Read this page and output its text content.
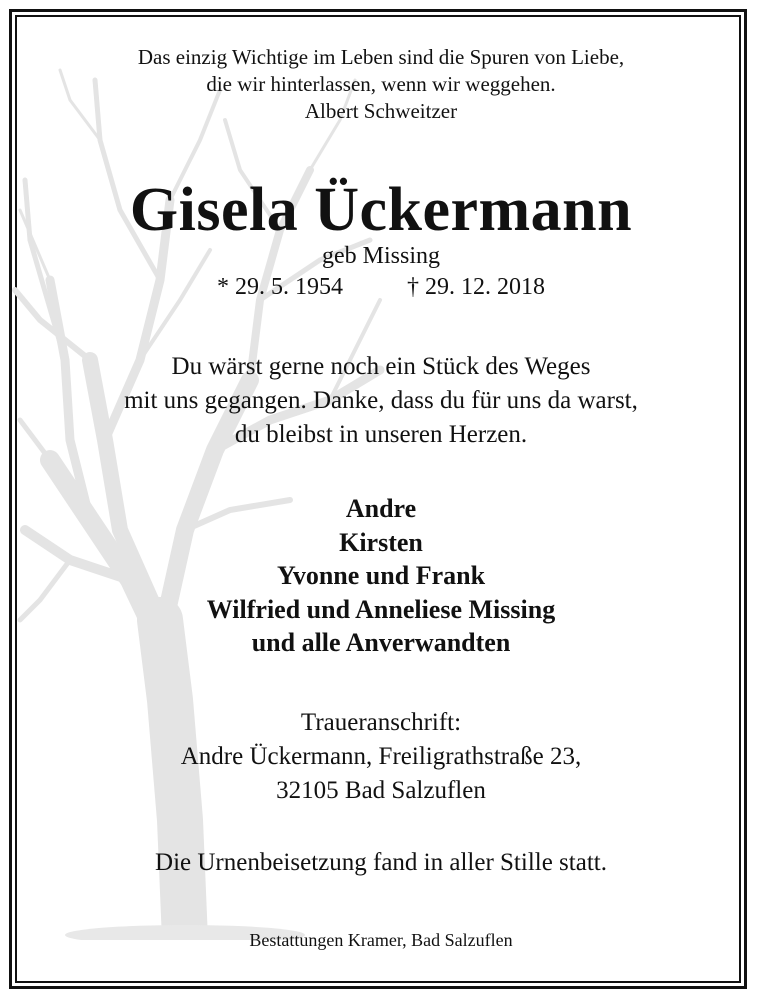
Das einzig Wichtige im Leben sind die Spuren von Liebe,
die wir hinterlassen, wenn wir weggehen.
Albert Schweitzer
Gisela Ückermann
geb Missing
* 29. 5. 1954	† 29. 12. 2018
Du wärst gerne noch ein Stück des Weges
mit uns gegangen. Danke, dass du für uns da warst,
du bleibst in unseren Herzen.
Andre
Kirsten
Yvonne und Frank
Wilfried und Anneliese Missing
und alle Anverwandten
Traueranschrift:
Andre Ückermann, Freiligrathstraße 23,
32105 Bad Salzuflen
Die Urnenbeisetzung fand in aller Stille statt.
Bestattungen Kramer, Bad Salzuflen
